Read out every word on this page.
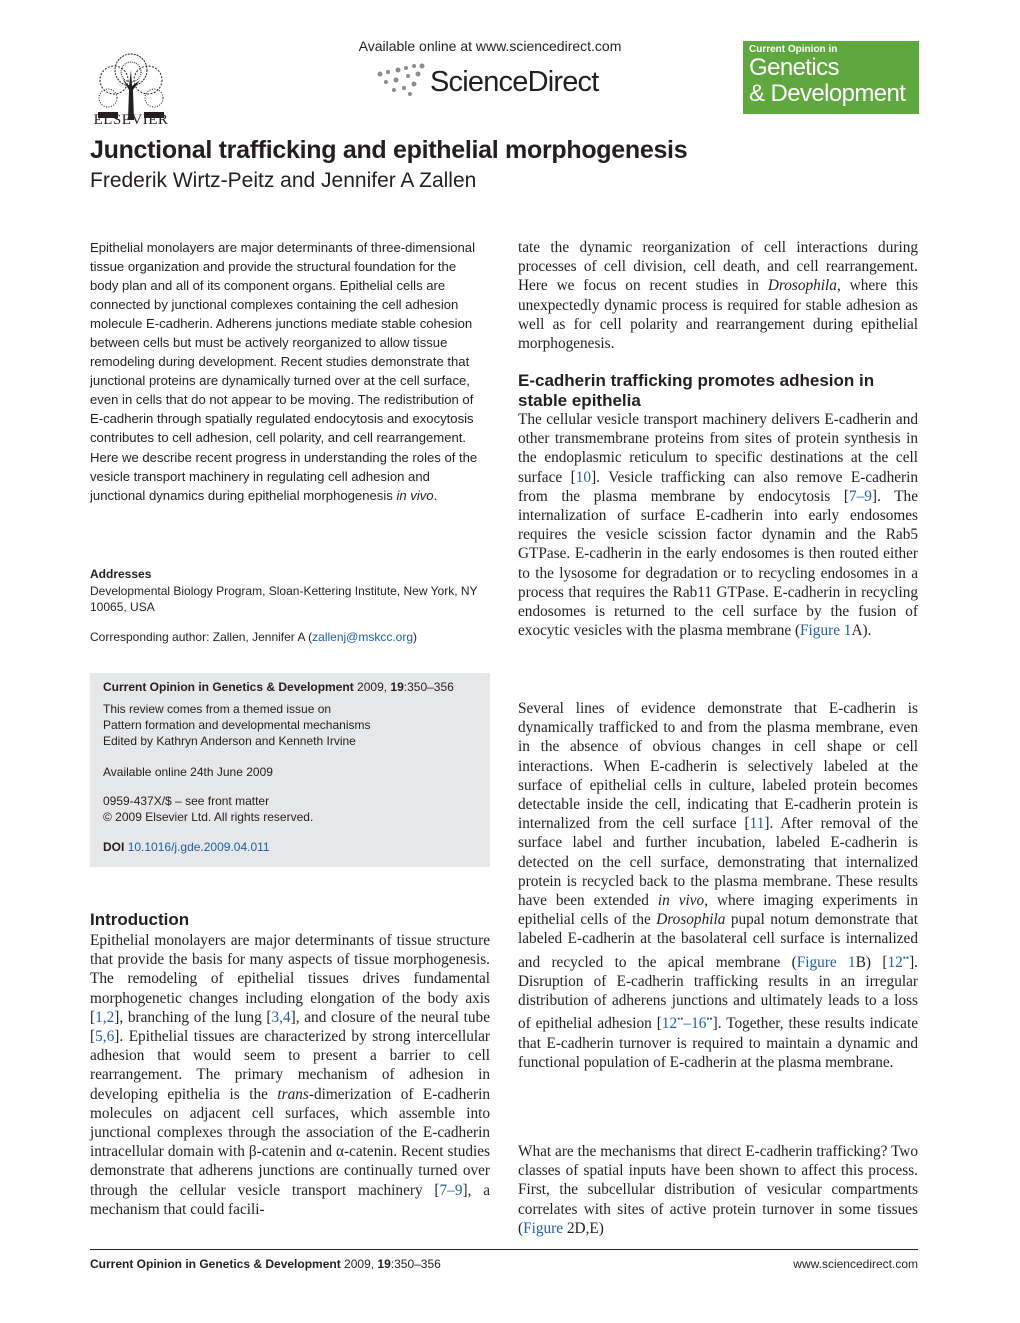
ELSEVIER
Available online at www.sciencedirect.com
ScienceDirect
Current Opinion in
Genetics
& Development
Junctional trafficking and epithelial morphogenesis
Frederik Wirtz-Peitz and Jennifer A Zallen
Epithelial monolayers are major determinants of three-dimensional tissue organization and provide the structural foundation for the body plan and all of its component organs. Epithelial cells are connected by junctional complexes containing the cell adhesion molecule E-cadherin. Adherens junctions mediate stable cohesion between cells but must be actively reorganized to allow tissue remodeling during development. Recent studies demonstrate that junctional proteins are dynamically turned over at the cell surface, even in cells that do not appear to be moving. The redistribution of E-cadherin through spatially regulated endocytosis and exocytosis contributes to cell adhesion, cell polarity, and cell rearrangement. Here we describe recent progress in understanding the roles of the vesicle transport machinery in regulating cell adhesion and junctional dynamics during epithelial morphogenesis in vivo.
Addresses
Developmental Biology Program, Sloan-Kettering Institute, New York, NY 10065, USA
Corresponding author: Zallen, Jennifer A (zallenj@mskcc.org)

Current Opinion in Genetics & Development 2009, 19:350–356

This review comes from a themed issue on

Pattern formation and developmental mechanisms

Edited by Kathryn Anderson and Kenneth Irvine

Available online 24th June 2009

0959-437X/$ – see front matter

© 2009 Elsevier Ltd. All rights reserved.

DOI 10.1016/j.gde.2009.04.011

Introduction
Epithelial monolayers are major determinants of tissue structure that provide the basis for many aspects of tissue morphogenesis. The remodeling of epithelial tissues drives fundamental morphogenetic changes including elongation of the body axis [1,2], branching of the lung [3,4], and closure of the neural tube [5,6]. Epithelial tissues are characterized by strong intercellular adhesion that would seem to present a barrier to cell rearrangement. The primary mechanism of adhesion in developing epithelia is the trans-dimerization of E-cadherin molecules on adjacent cell surfaces, which assemble into junctional complexes through the association of the E-cadherin intracellular domain with β-catenin and α-catenin. Recent studies demonstrate that adherens junctions are continually turned over through the cellular vesicle transport machinery [7–9], a mechanism that could facili-
tate the dynamic reorganization of cell interactions during processes of cell division, cell death, and cell rearrangement. Here we focus on recent studies in Drosophila, where this unexpectedly dynamic process is required for stable adhesion as well as for cell polarity and rearrangement during epithelial morphogenesis.
E-cadherin trafficking promotes adhesion in stable epithelia
The cellular vesicle transport machinery delivers E-cadherin and other transmembrane proteins from sites of protein synthesis in the endoplasmic reticulum to specific destinations at the cell surface [10]. Vesicle trafficking can also remove E-cadherin from the plasma membrane by endocytosis [7–9]. The internalization of surface E-cadherin into early endosomes requires the vesicle scission factor dynamin and the Rab5 GTPase. E-cadherin in the early endosomes is then routed either to the lysosome for degradation or to recycling endosomes in a process that requires the Rab11 GTPase. E-cadherin in recycling endosomes is returned to the cell surface by the fusion of exocytic vesicles with the plasma membrane (Figure 1A).
Several lines of evidence demonstrate that E-cadherin is dynamically trafficked to and from the plasma membrane, even in the absence of obvious changes in cell shape or cell interactions. When E-cadherin is selectively labeled at the surface of epithelial cells in culture, labeled protein becomes detectable inside the cell, indicating that E-cadherin protein is internalized from the cell surface [11]. After removal of the surface label and further incubation, labeled E-cadherin is detected on the cell surface, demonstrating that internalized protein is recycled back to the plasma membrane. These results have been extended in vivo, where imaging experiments in epithelial cells of the Drosophila pupal notum demonstrate that labeled E-cadherin at the basolateral cell surface is internalized and recycled to the apical membrane (Figure 1B) [12••]. Disruption of E-cadherin trafficking results in an irregular distribution of adherens junctions and ultimately leads to a loss of epithelial adhesion [12••–16••]. Together, these results indicate that E-cadherin turnover is required to maintain a dynamic and functional population of E-cadherin at the plasma membrane.
What are the mechanisms that direct E-cadherin trafficking? Two classes of spatial inputs have been shown to affect this process. First, the subcellular distribution of vesicular compartments correlates with sites of active protein turnover in some tissues (Figure 2D,E)
Current Opinion in Genetics & Development 2009, 19:350–356	www.sciencedirect.com
